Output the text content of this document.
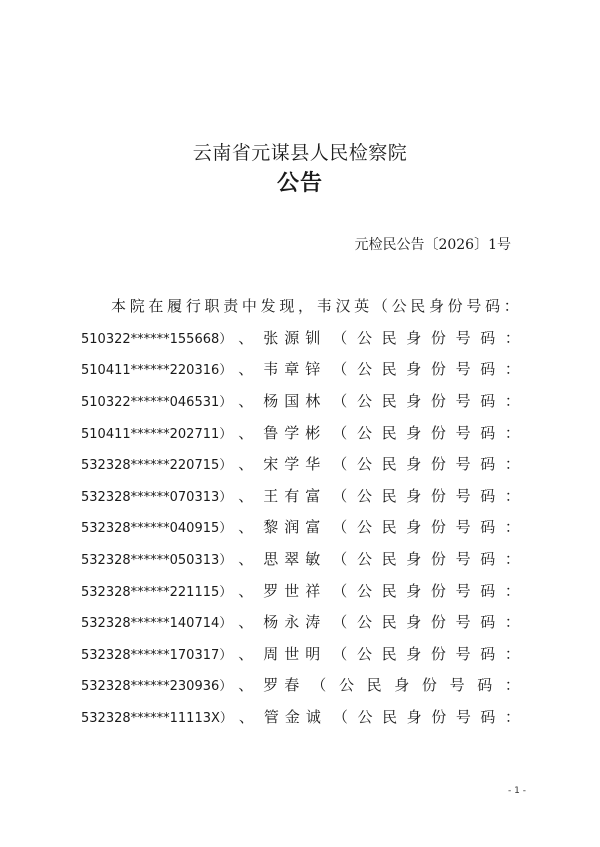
云南省元谋县人民检察院
公告
元检民公告〔2026〕1号
本院在履行职责中发现，韦汉英（公民身份号码：
510322******155668） 、 张源钏 （ 公 民 身 份 号 码 ：
510411******220316） 、 韦章锌 （ 公 民 身 份 号 码 ：
510322******046531） 、 杨国林 （ 公 民 身 份 号 码 ：
510411******202711） 、 鲁学彬 （ 公 民 身 份 号 码 ：
532328******220715） 、 宋学华 （ 公 民 身 份 号 码 ：
532328******070313） 、 王有富 （ 公 民 身 份 号 码 ：
532328******040915） 、 黎润富 （ 公 民 身 份 号 码 ：
532328******050313） 、 思翠敏 （ 公 民 身 份 号 码 ：
532328******221115） 、 罗世祥 （ 公 民 身 份 号 码 ：
532328******140714） 、 杨永涛 （ 公 民 身 份 号 码 ：
532328******170317） 、 周世明 （ 公 民 身 份 号 码 ：
532328******230936） 、 罗春 （ 公 民 身 份 号 码 ：
532328******11113X） 、 管金诚 （ 公 民 身 份 号 码 ：
- 1 -
